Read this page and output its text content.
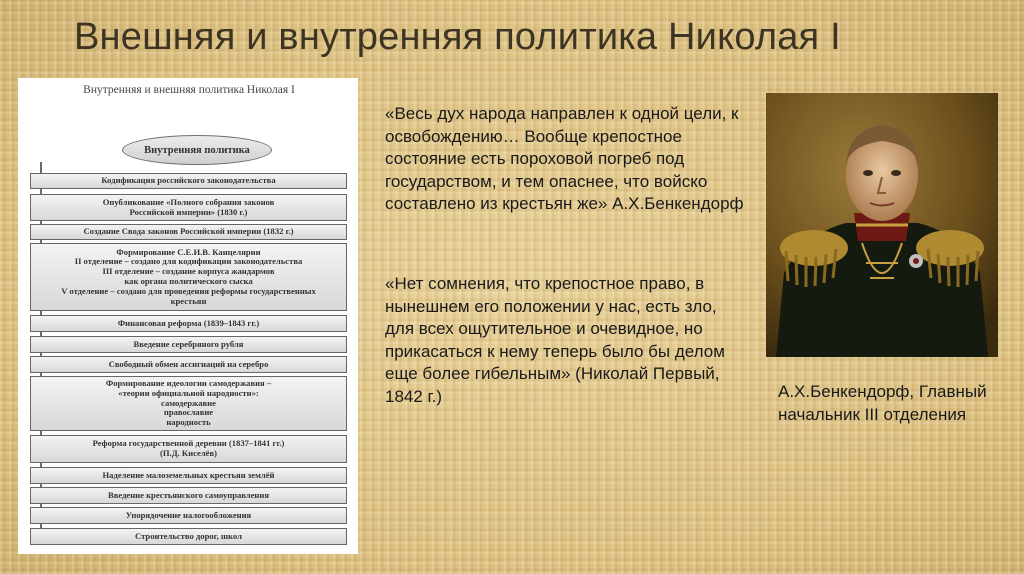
Внешняя и внутренняя политика Николая I
Внутренняя и внешняя политика Николая I
Внутренняя политика
Кодификация российского законодательства
Опубликование «Полного собрания законов
Российской империи» (1830 г.)
Создание Свода законов Российской империи (1832 г.)
Формирование С.Е.И.В. Канцелярии
II отделение – создано для кодификации законодательства
III отделение – создание корпуса жандармов
как органа политического сыска
V отделение – создано для проведения реформы государственных
крестьян
Финансовая реформа (1839–1843 гг.)
Введение серебряного рубля
Свободный обмен ассигнаций на серебро
Формирование идеологии самодержавия –
«теории официальной народности»:
самодержавие
православие
народность
Реформа государственной деревни (1837–1841 гг.)
(П.Д. Киселёв)
Наделение малоземельных крестьян землёй
Введение крестьянского самоуправления
Упорядочение налогообложения
Строительство дорог, школ

«Весь дух народа направлен к одной цели, к освобождению… Вообще крепостное состояние есть пороховой погреб под государством, и тем опаснее, что войско составлено из крестьян же» А.Х.Бенкендорф

«Нет сомнения, что крепостное право, в нынешнем его положении у нас, есть зло, для всех ощутительное и очевидное, но прикасаться к нему теперь было бы делом еще более гибельным» (Николай Первый, 1842 г.)	А.Х.Бенкендорф, Главный начальник III отделения
